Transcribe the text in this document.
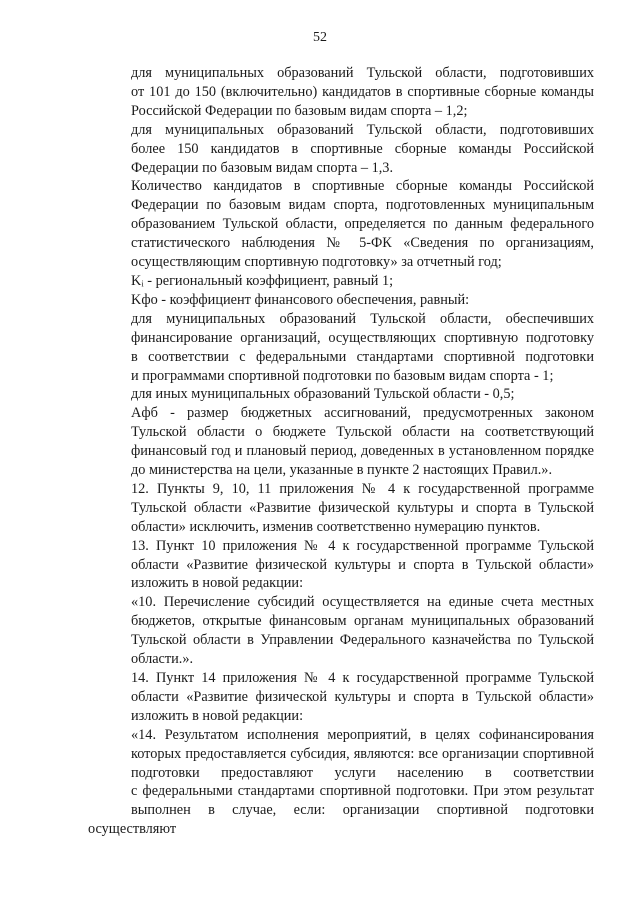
52

для муниципальных образований Тульской области, подготовивших
от 101 до 150 (включительно) кандидатов в спортивные сборные команды
Российской Федерации по базовым видам спорта – 1,2;

для муниципальных образований Тульской области, подготовивших
более 150 кандидатов в спортивные сборные команды Российской
Федерации по базовым видам спорта – 1,3.

Количество кандидатов в спортивные сборные команды Российской
Федерации по базовым видам спорта, подготовленных муниципальным
образованием Тульской области, определяется по данным федерального
статистического наблюдения № 5-ФК «Сведения по организациям,
осуществляющим спортивную подготовку» за отчетный год;

Kᵢ - региональный коэффициент, равный 1;

Kфо - коэффициент финансового обеспечения, равный:

для муниципальных образований Тульской области, обеспечивших
финансирование организаций, осуществляющих спортивную подготовку
в соответствии с федеральными стандартами спортивной подготовки
и программами спортивной подготовки по базовым видам спорта - 1;

для иных муниципальных образований Тульской области - 0,5;

Aфб - размер бюджетных ассигнований, предусмотренных законом
Тульской области о бюджете Тульской области на соответствующий
финансовый год и плановый период, доведенных в установленном порядке
до министерства на цели, указанные в пункте 2 настоящих Правил.».

12. Пункты 9, 10, 11 приложения № 4 к государственной программе
Тульской области «Развитие физической культуры и спорта в Тульской
области» исключить, изменив соответственно нумерацию пунктов.

13. Пункт 10 приложения № 4 к государственной программе Тульской
области «Развитие физической культуры и спорта в Тульской области»
изложить в новой редакции:

«10. Перечисление субсидий осуществляется на единые счета местных
бюджетов, открытые финансовым органам муниципальных образований
Тульской области в Управлении Федерального казначейства по Тульской
области.».

14. Пункт 14 приложения № 4 к государственной программе Тульской
области «Развитие физической культуры и спорта в Тульской области»
изложить в новой редакции:

«14. Результатом исполнения мероприятий, в целях софинансирования
которых предоставляется субсидия, являются: все организации спортивной
подготовки предоставляют услуги населению в соответствии
с федеральными стандартами спортивной подготовки. При этом результат
выполнен в случае, если: организации спортивной подготовки осуществляют
